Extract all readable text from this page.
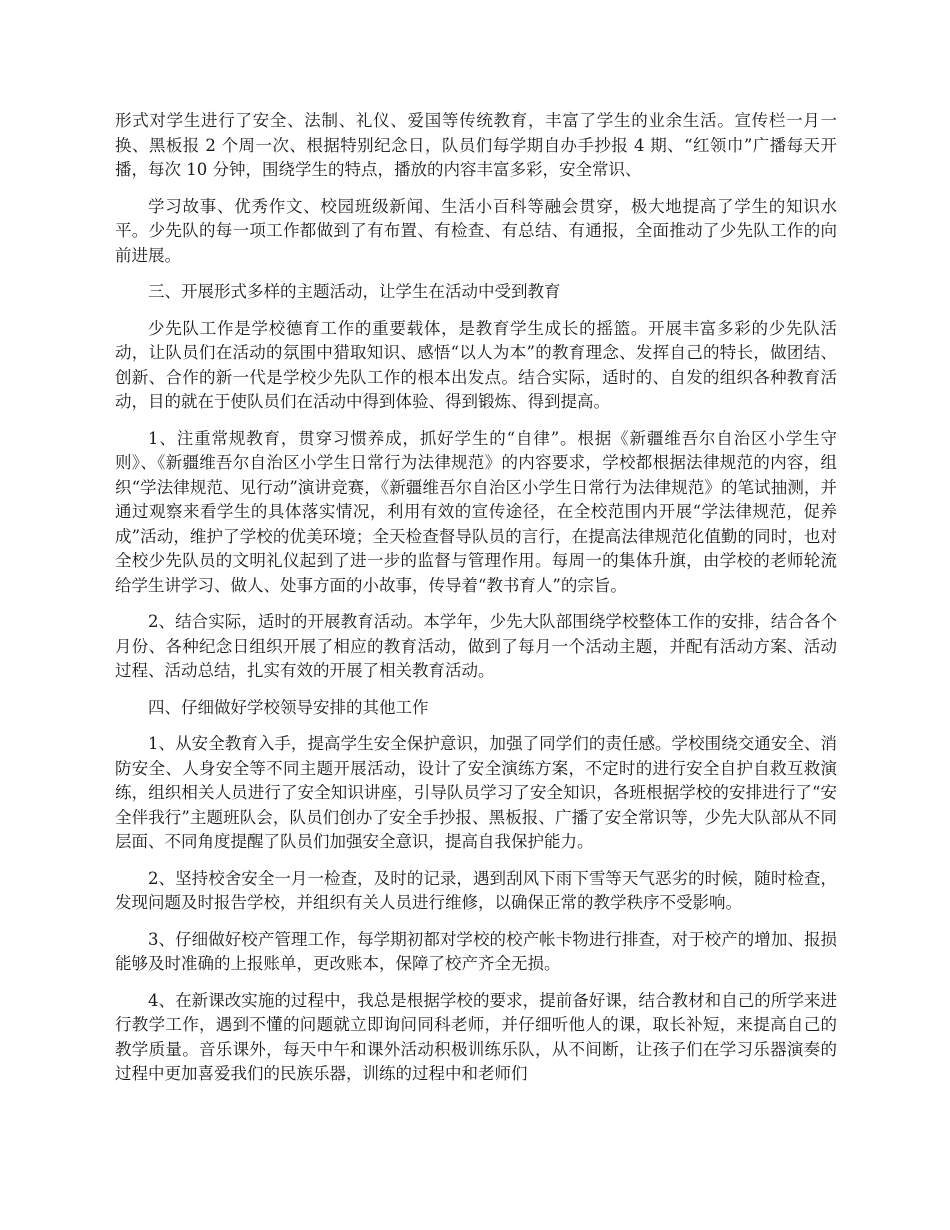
形式对学生进行了安全、法制、礼仪、爱国等传统教育，丰富了学生的业余生活。宣传栏一月一换、黑板报 2 个周一次、根据特别纪念日，队员们每学期自办手抄报 4 期、“红领巾”广播每天开播，每次 10 分钟，围绕学生的特点，播放的内容丰富多彩，安全常识、

学习故事、优秀作文、校园班级新闻、生活小百科等融会贯穿，极大地提高了学生的知识水平。少先队的每一项工作都做到了有布置、有检查、有总结、有通报，全面推动了少先队工作的向前进展。

三、开展形式多样的主题活动，让学生在活动中受到教育

少先队工作是学校德育工作的重要载体，是教育学生成长的摇篮。开展丰富多彩的少先队活动，让队员们在活动的氛围中猎取知识、感悟“以人为本”的教育理念、发挥自己的特长，做团结、创新、合作的新一代是学校少先队工作的根本出发点。结合实际，适时的、自发的组织各种教育活动，目的就在于使队员们在活动中得到体验、得到锻炼、得到提高。

1、注重常规教育，贯穿习惯养成，抓好学生的“自律”。根据《新疆维吾尔自治区小学生守则》、《新疆维吾尔自治区小学生日常行为法律规范》的内容要求，学校都根据法律规范的内容，组织“学法律规范、见行动”演讲竞赛，《新疆维吾尔自治区小学生日常行为法律规范》的笔试抽测，并通过观察来看学生的具体落实情况，利用有效的宣传途径，在全校范围内开展“学法律规范，促养成”活动，维护了学校的优美环境；全天检查督导队员的言行，在提高法律规范化值勤的同时，也对全校少先队员的文明礼仪起到了进一步的监督与管理作用。每周一的集体升旗，由学校的老师轮流给学生讲学习、做人、处事方面的小故事，传导着“教书育人”的宗旨。

2、结合实际，适时的开展教育活动。本学年，少先大队部围绕学校整体工作的安排，结合各个月份、各种纪念日组织开展了相应的教育活动，做到了每月一个活动主题，并配有活动方案、活动过程、活动总结，扎实有效的开展了相关教育活动。

四、仔细做好学校领导安排的其他工作

1、从安全教育入手，提高学生安全保护意识，加强了同学们的责任感。学校围绕交通安全、消防安全、人身安全等不同主题开展活动，设计了安全演练方案，不定时的进行安全自护自救互救演练，组织相关人员进行了安全知识讲座，引导队员学习了安全知识，各班根据学校的安排进行了“安全伴我行”主题班队会，队员们创办了安全手抄报、黑板报、广播了安全常识等，少先大队部从不同层面、不同角度提醒了队员们加强安全意识，提高自我保护能力。

2、坚持校舍安全一月一检查，及时的记录，遇到刮风下雨下雪等天气恶劣的时候，随时检查，发现问题及时报告学校，并组织有关人员进行维修，以确保正常的教学秩序不受影响。

3、仔细做好校产管理工作，每学期初都对学校的校产帐卡物进行排查，对于校产的增加、报损能够及时准确的上报账单，更改账本，保障了校产齐全无损。

4、在新课改实施的过程中，我总是根据学校的要求，提前备好课，结合教材和自己的所学来进行教学工作，遇到不懂的问题就立即询问同科老师，并仔细听他人的课，取长补短，来提高自己的教学质量。音乐课外，每天中午和课外活动积极训练乐队，从不间断，让孩子们在学习乐器演奏的过程中更加喜爱我们的民族乐器，训练的过程中和老师们
